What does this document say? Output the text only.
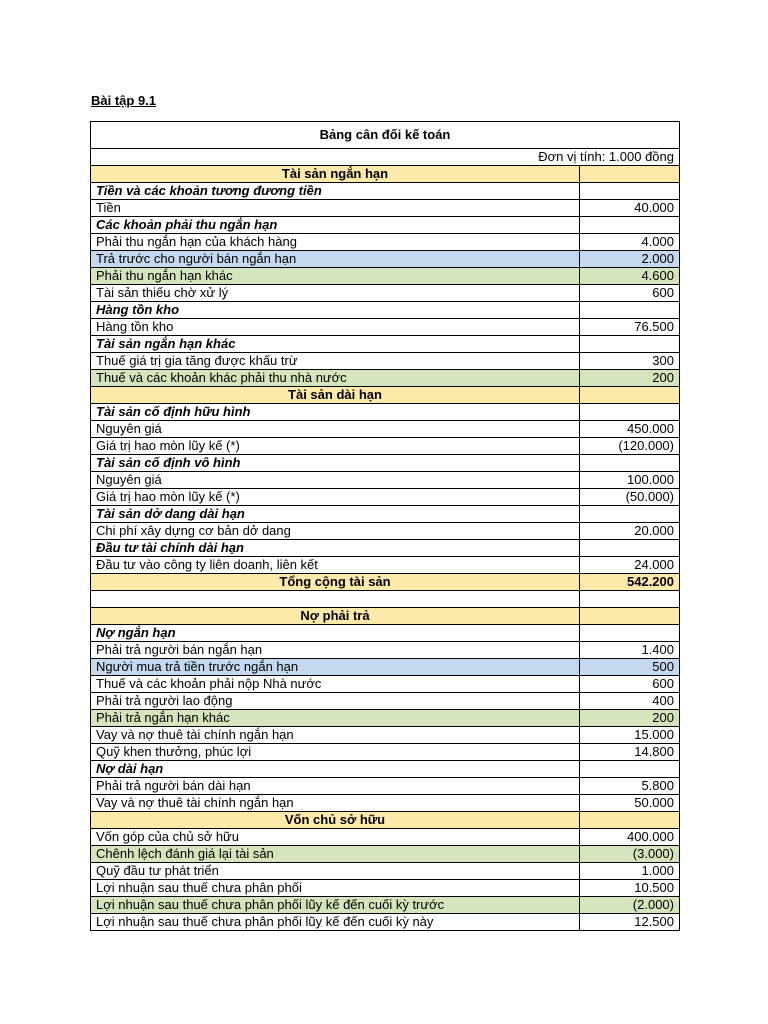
Bài tập 9.1
Bảng cân đối kế toán	
Đơn vị tính: 1.000 đồng	
Tài sản ngắn hạn	
Tiền và các khoản tương đương tiền	
Tiền	40.000
Các khoản phải thu ngắn hạn	
Phải thu ngắn hạn của khách hàng	4.000
Trả trước cho người bán ngắn hạn	2.000
Phải thu ngắn hạn khác	4.600
Tài sản thiếu chờ xử lý	600
Hàng tồn kho	
Hàng tồn kho	76.500
Tài sản ngắn hạn khác	
Thuế giá trị gia tăng được khấu trừ	300
Thuế và các khoản khác phải thu nhà nước	200
Tài sản dài hạn	
Tài sản cố định hữu hình	
Nguyên giá	450.000
Giá trị hao mòn lũy kế (*)	(120.000)
Tài sản cố định vô hình	
Nguyên giá	100.000
Giá trị hao mòn lũy kế (*)	(50.000)
Tài sản dở dang dài hạn	
Chi phí xây dựng cơ bản dở dang	20.000
Đầu tư tài chính dài hạn	
Đầu tư vào công ty liên doanh, liên kết	24.000
Tổng cộng tài sản	542.200

Nợ phải trả	
Nợ ngắn hạn	
Phải trả người bán ngắn hạn	1.400
Người mua trả tiền trước ngắn hạn	500
Thuế và các khoản phải nộp Nhà nước	600
Phải trả người lao động	400
Phải trả ngắn hạn khác	200
Vay và nợ thuê tài chính ngắn hạn	15.000
Quỹ khen thưởng, phúc lợi	14.800
Nợ dài hạn	
Phải trả người bán dài hạn	5.800
Vay và nợ thuê tài chính ngắn hạn	50.000
Vốn chủ sở hữu	
Vốn góp của chủ sở hữu	400.000
Chênh lệch đánh giá lại tài sản	(3.000)
Quỹ đầu tư phát triển	1.000
Lợi nhuận sau thuế chưa phân phối	10.500
Lợi nhuận sau thuế chưa phân phối lũy kế đến cuối kỳ trước	(2.000)
Lợi nhuận sau thuế chưa phân phối lũy kế đến cuối kỳ này	12.500
